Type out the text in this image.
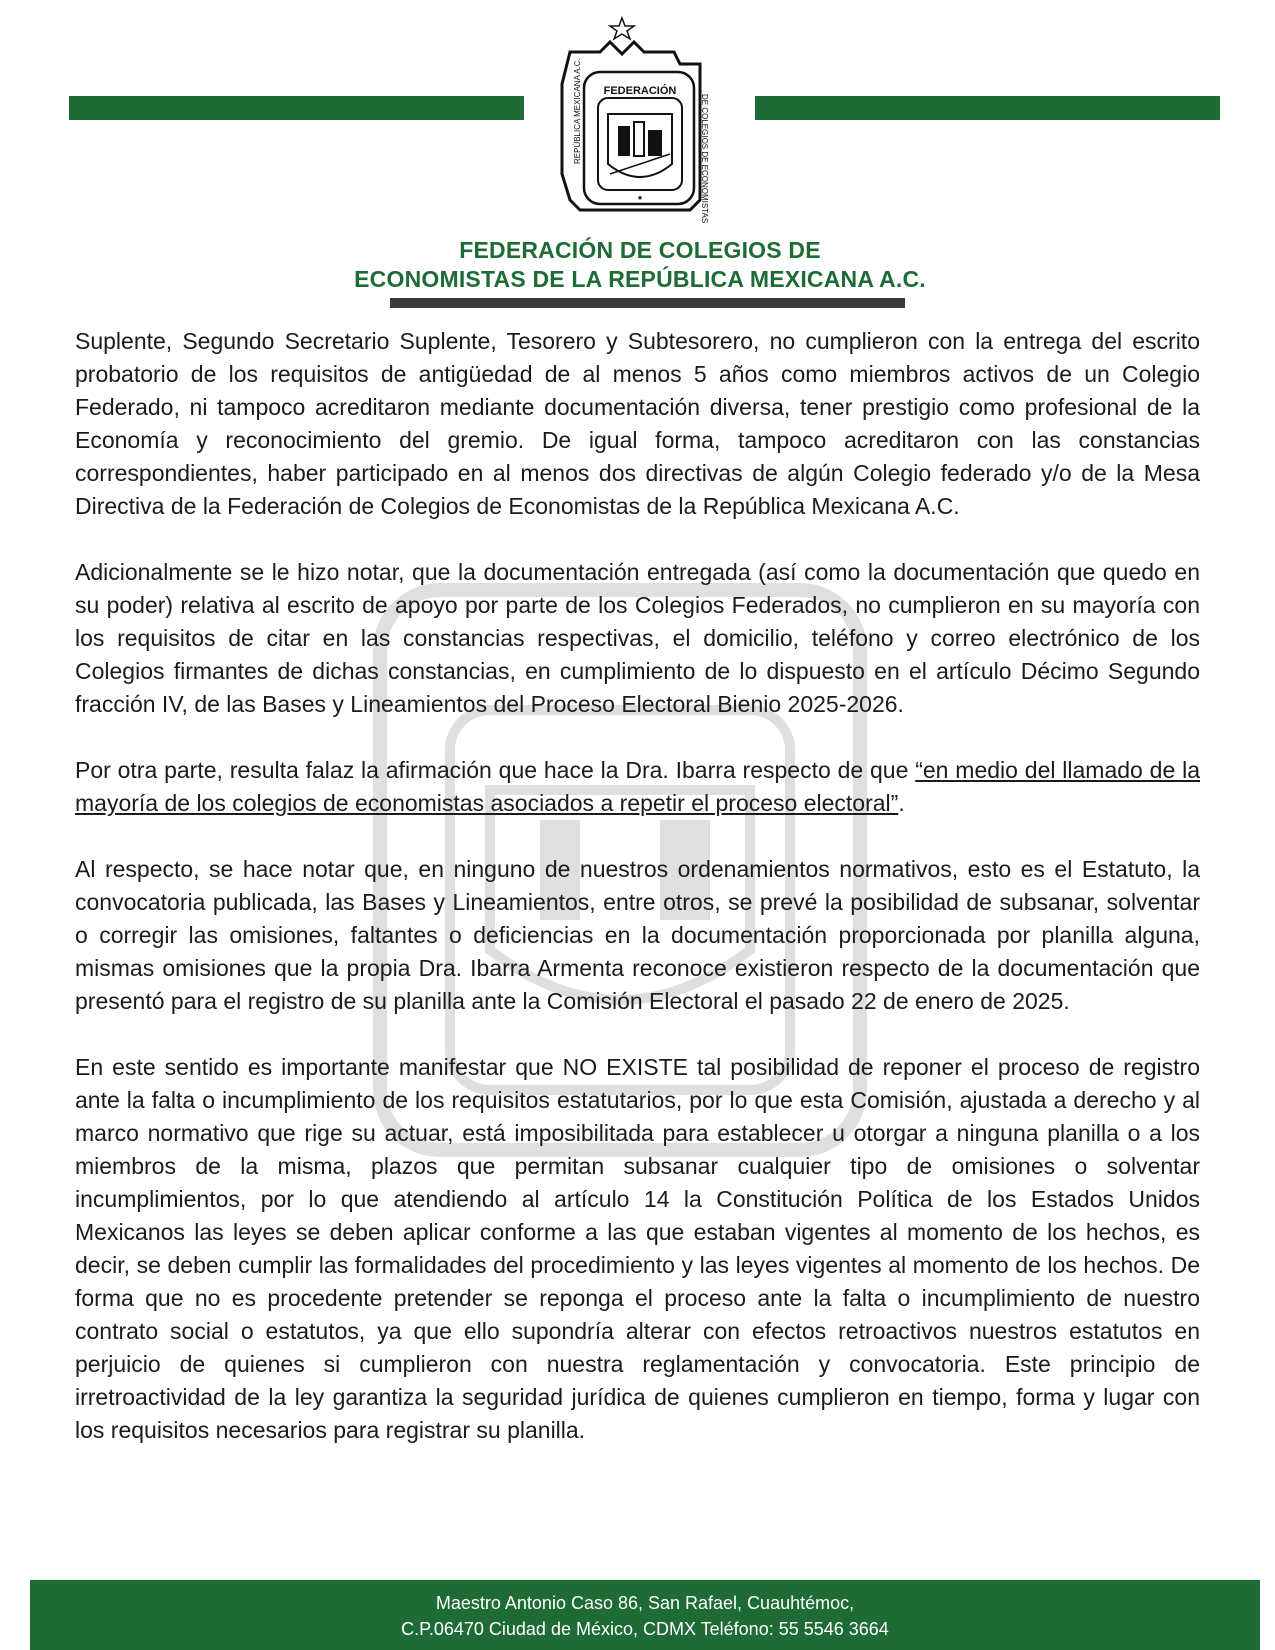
FEDERACIÓN
REPÚBLICA MEXICANA A.C.	DE COLEGIOS DE ECONOMISTAS
★
FEDERACIÓN DE COLEGIOS DE
ECONOMISTAS DE LA REPÚBLICA MEXICANA A.C.

Suplente, Segundo Secretario Suplente, Tesorero y Subtesorero, no cumplieron con la entrega del escrito probatorio de los requisitos de antigüedad de al menos 5 años como miembros activos de un Colegio Federado, ni tampoco acreditaron mediante documentación diversa, tener prestigio como profesional de la Economía y reconocimiento del gremio. De igual forma, tampoco acreditaron con las constancias correspondientes, haber participado en al menos dos directivas de algún Colegio federado y/o de la Mesa Directiva de la Federación de Colegios de Economistas de la República Mexicana A.C.

Adicionalmente se le hizo notar, que la documentación entregada (así como la documentación que quedo en su poder) relativa al escrito de apoyo por parte de los Colegios Federados, no cumplieron en su mayoría con los requisitos de citar en las constancias respectivas, el domicilio, teléfono y correo electrónico de los Colegios firmantes de dichas constancias, en cumplimiento de lo dispuesto en el artículo Décimo Segundo fracción IV, de las Bases y Lineamientos del Proceso Electoral Bienio 2025-2026.

Por otra parte, resulta falaz la afirmación que hace la Dra. Ibarra respecto de que “en medio del llamado de la mayoría de los colegios de economistas asociados a repetir el proceso electoral”.

Al respecto, se hace notar que, en ninguno de nuestros ordenamientos normativos, esto es el Estatuto, la convocatoria publicada, las Bases y Lineamientos, entre otros, se prevé la posibilidad de subsanar, solventar o corregir las omisiones, faltantes o deficiencias en la documentación proporcionada por planilla alguna, mismas omisiones que la propia Dra. Ibarra Armenta reconoce existieron respecto de la documentación que presentó para el registro de su planilla ante la Comisión Electoral el pasado 22 de enero de 2025.

En este sentido es importante manifestar que NO EXISTE tal posibilidad de reponer el proceso de registro ante la falta o incumplimiento de los requisitos estatutarios, por lo que esta Comisión, ajustada a derecho y al marco normativo que rige su actuar, está imposibilitada para establecer u otorgar a ninguna planilla o a los miembros de la misma, plazos que permitan subsanar cualquier tipo de omisiones o solventar incumplimientos, por lo que atendiendo al artículo 14 la Constitución Política de los Estados Unidos Mexicanos las leyes se deben aplicar conforme a las que estaban vigentes al momento de los hechos, es decir, se deben cumplir las formalidades del procedimiento y las leyes vigentes al momento de los hechos. De forma que no es procedente pretender se reponga el proceso ante la falta o incumplimiento de nuestro contrato social o estatutos, ya que ello supondría alterar con efectos retroactivos nuestros estatutos en perjuicio de quienes si cumplieron con nuestra reglamentación y convocatoria. Este principio de irretroactividad de la ley garantiza la seguridad jurídica de quienes cumplieron en tiempo, forma y lugar con los requisitos necesarios para registrar su planilla.

Maestro Antonio Caso 86, San Rafael, Cuauhtémoc,
C.P.06470 Ciudad de México, CDMX Teléfono: 55 5546 3664
